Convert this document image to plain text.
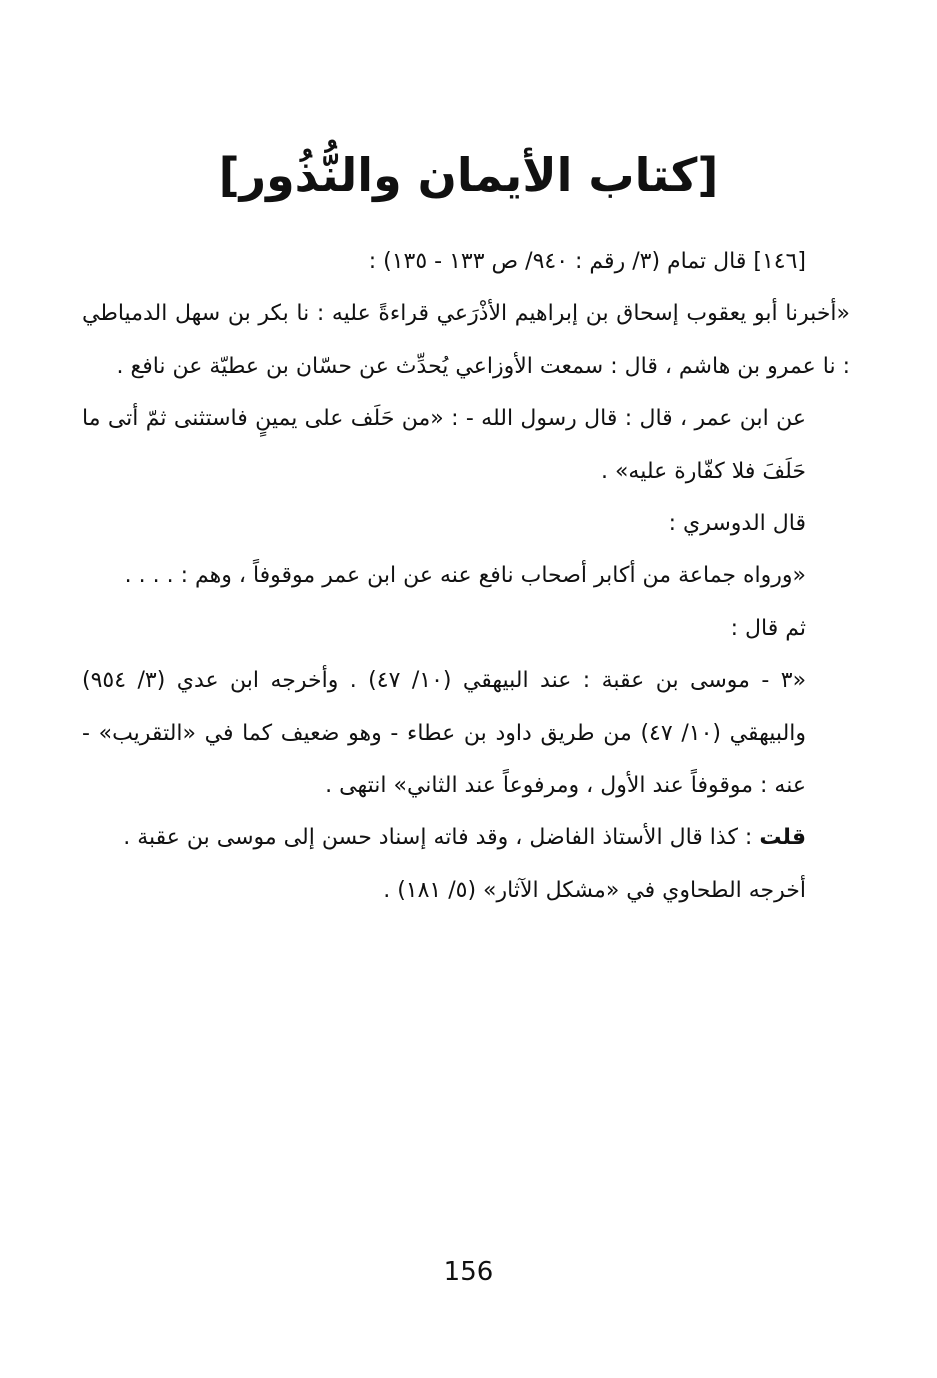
[كتاب الأيمان والنُّذُور]

[١٤٦] قال تمام (٣/ رقم : ٩٤٠/ ص ١٣٣ - ١٣٥) :

«أخبرنا أبو يعقوب إسحاق بن إبراهيم الأذْرَعي قراءةً عليه : نا بكر بن سهل الدمياطي : نا عمرو بن هاشم ، قال : سمعت الأوزاعي يُحدِّث عن حسّان بن عطيّة عن نافع .

عن ابن عمر ، قال : قال رسول الله - : «من حَلَف على يمينٍ فاستثنى ثمّ أتى ما حَلَفَ فلا كفّارة عليه» .

قال الدوسري :

«ورواه جماعة من أكابر أصحاب نافع عنه عن ابن عمر موقوفاً ، وهم : . . . .

ثم قال :

«٣ - موسى بن عقبة : عند البيهقي (١٠/ ٤٧) . وأخرجه ابن عدي (٣/ ٩٥٤) والبيهقي (١٠/ ٤٧) من طريق داود بن عطاء - وهو ضعيف كما في «التقريب» - عنه : موقوفاً عند الأول ، ومرفوعاً عند الثاني» انتهى .

قلت : كذا قال الأستاذ الفاضل ، وقد فاته إسناد حسن إلى موسى بن عقبة .

أخرجه الطحاوي في «مشكل الآثار» (٥/ ١٨١) .

156
